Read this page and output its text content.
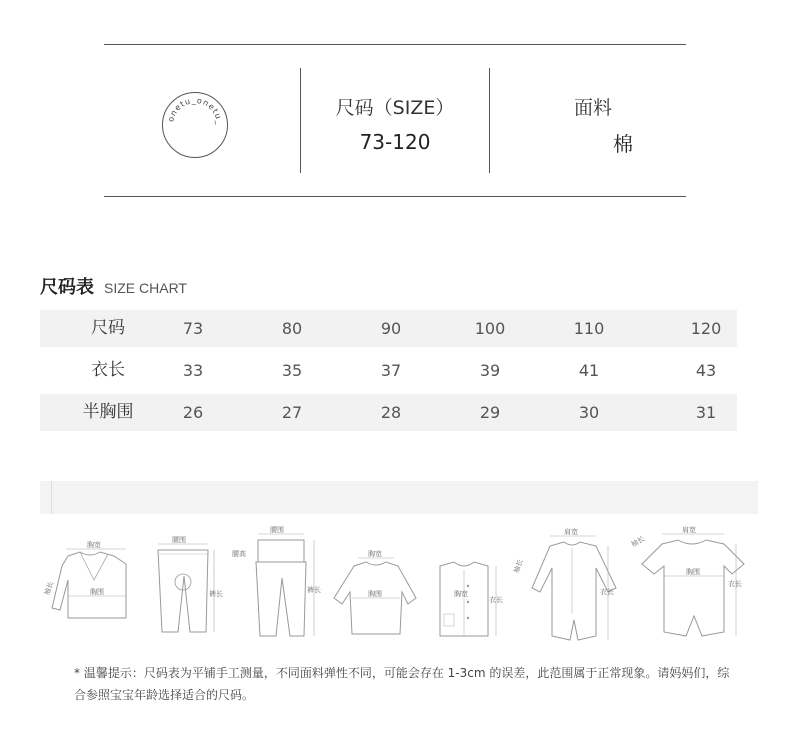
onetu_onetu_
尺码（SIZE）
73-120
面料
棉
尺码表 SIZE CHART
尺码	73	80	90	100	110	120
衣长	33	35	37	39	41	43
半胸围	26	27	28	29	30	31
胸宽
胸围
袖长
腰围
裤长
腰围
腰高
裤长
胸宽
胸围
衣长
胸宽
肩宽
袖长
衣长
袖长
肩宽
胸围
衣长
* 温馨提示：尺码表为平铺手工测量，不同面料弹性不同，可能会存在 1-3cm 的误差，此范围属于正常现象。请妈妈们，综合参照宝宝年龄选择适合的尺码。
